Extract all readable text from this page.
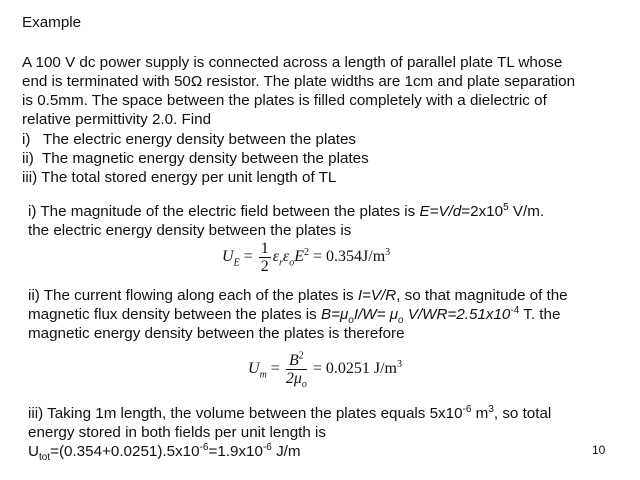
Example
A 100 V dc power supply is connected across a length of parallel plate TL whose
end is terminated with 50Ω resistor. The plate widths are 1cm and plate separation
is 0.5mm. The space between the plates is filled completely with a dielectric of
relative permittivity 2.0. Find
i)   The electric energy density between the plates
ii)  The magnetic energy density between the plates
iii) The total stored energy per unit length of TL
i) The magnitude of the electric field between the plates is $E=V/d=2x10^5$ V/m.
the electric energy density between the plates is
$U_E = \frac{1}{2} \varepsilon_r\varepsilon_oE^2 = 0.354J/m^3$
ii) The current flowing along each of the plates is I=V/R, so that magnitude of the
magnetic flux density between the plates is $B=\mu_oI/W= \mu_o$ $V/WR=2.51x10^{-4}$ T. the
magnetic energy density between the plates is therefore
$U_m = \frac{B^2}{2\mu_o} = 0.0251$ $J/m^3$
iii) Taking 1m length, the volume between the plates equals $5x10^{-6}$ $m^3$, so total
energy stored in both fields per unit length is
$U_{tot}=(0.354+0.0251).5x10^{-6}=1.9x10^{-6}$ J/m	10
